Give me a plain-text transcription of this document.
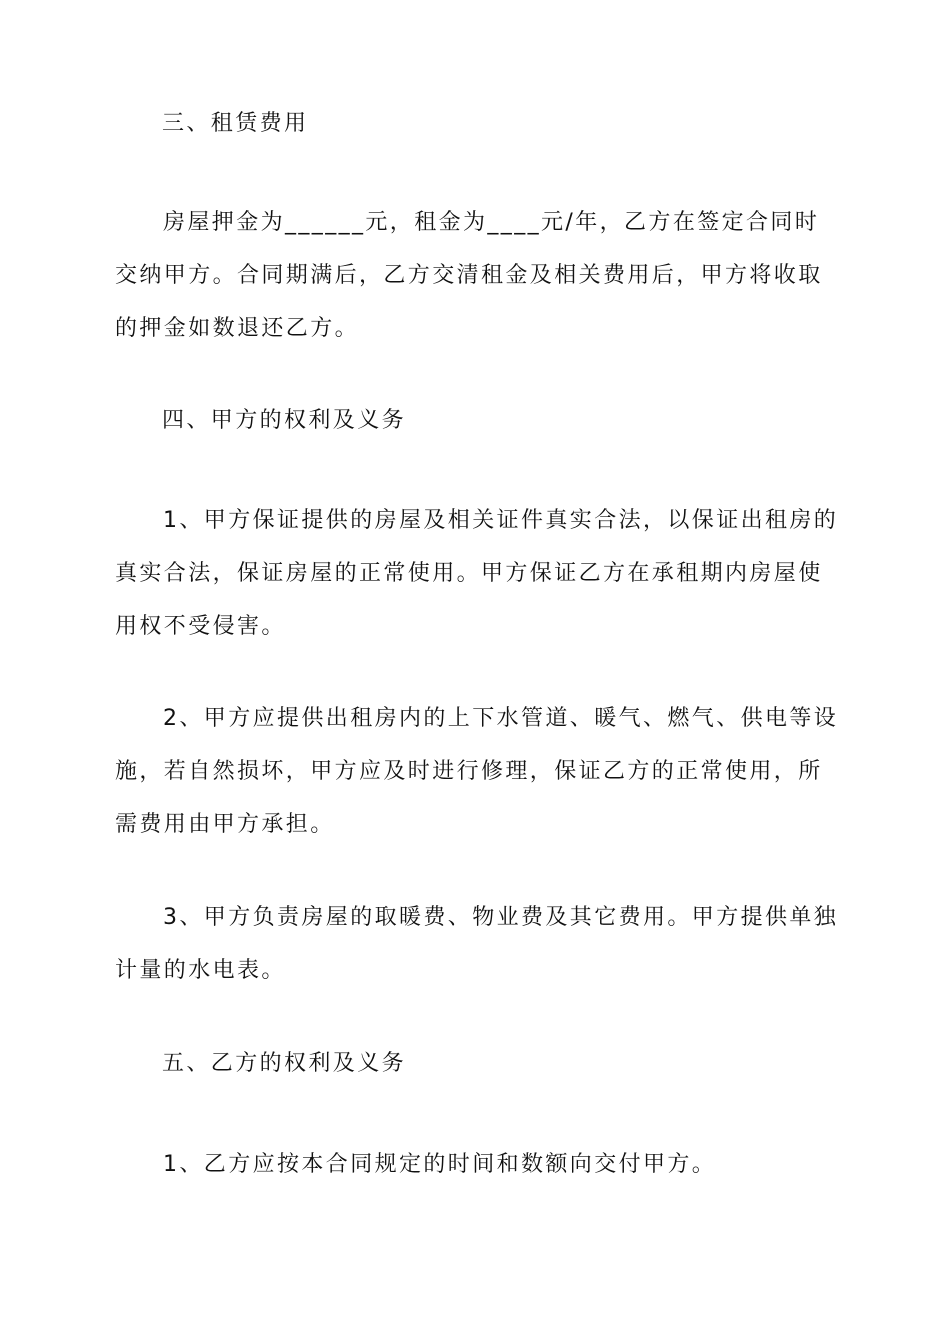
三、租赁费用

房屋押金为______元，租金为____元/年，乙方在签定合同时交纳甲方。合同期满后，乙方交清租金及相关费用后，甲方将收取的押金如数退还乙方。

四、甲方的权利及义务

1、甲方保证提供的房屋及相关证件真实合法，以保证出租房的真实合法，保证房屋的正常使用。甲方保证乙方在承租期内房屋使用权不受侵害。

2、甲方应提供出租房内的上下水管道、暖气、燃气、供电等设施，若自然损坏，甲方应及时进行修理，保证乙方的正常使用，所需费用由甲方承担。

3、甲方负责房屋的取暖费、物业费及其它费用。甲方提供单独计量的水电表。

五、乙方的权利及义务

1、乙方应按本合同规定的时间和数额向交付甲方。
